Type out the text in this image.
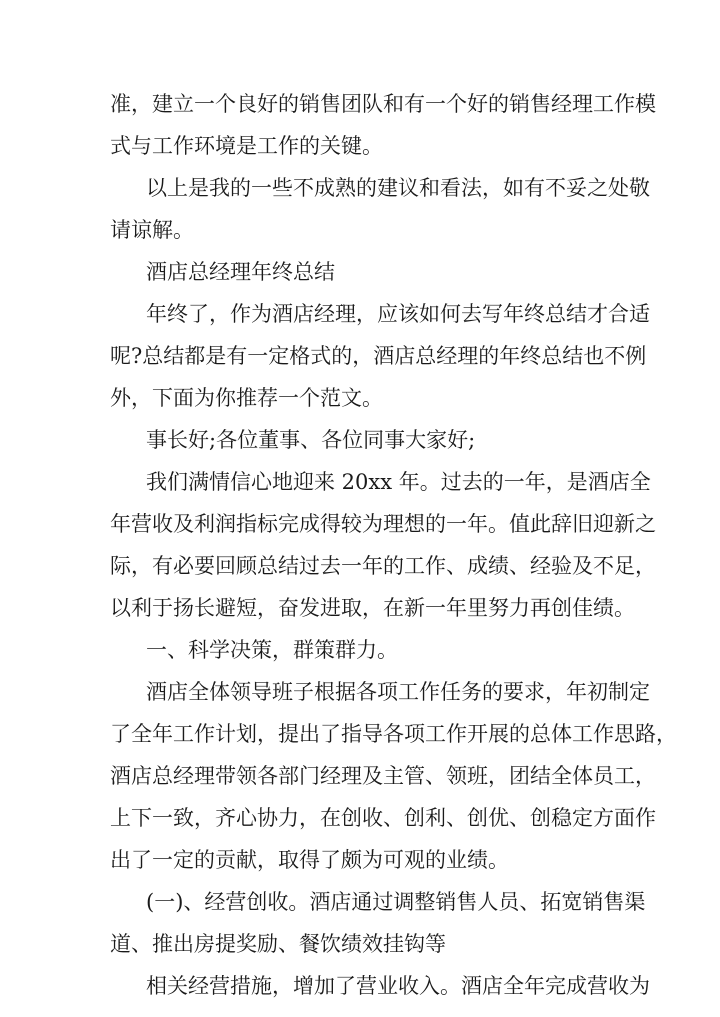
准，建立一个良好的销售团队和有一个好的销售经理工作模
式与工作环境是工作的关键。
以上是我的一些不成熟的建议和看法，如有不妥之处敬
请谅解。
酒店总经理年终总结
年终了，作为酒店经理，应该如何去写年终总结才合适
呢?总结都是有一定格式的，酒店总经理的年终总结也不例
外，下面为你推荐一个范文。
事长好;各位董事、各位同事大家好;
我们满情信心地迎来 20xx 年。过去的一年，是酒店全
年营收及利润指标完成得较为理想的一年。值此辞旧迎新之
际，有必要回顾总结过去一年的工作、成绩、经验及不足，
以利于扬长避短，奋发进取，在新一年里努力再创佳绩。
一、科学决策，群策群力。
酒店全体领导班子根据各项工作任务的要求，年初制定
了全年工作计划，提出了指导各项工作开展的总体工作思路，
酒店总经理带领各部门经理及主管、领班，团结全体员工，
上下一致，齐心协力，在创收、创利、创优、创稳定方面作
出了一定的贡献，取得了颇为可观的业绩。
(一)、经营创收。酒店通过调整销售人员、拓宽销售渠
道、推出房提奖励、餐饮绩效挂钩等
相关经营措施，增加了营业收入。酒店全年完成营收为
